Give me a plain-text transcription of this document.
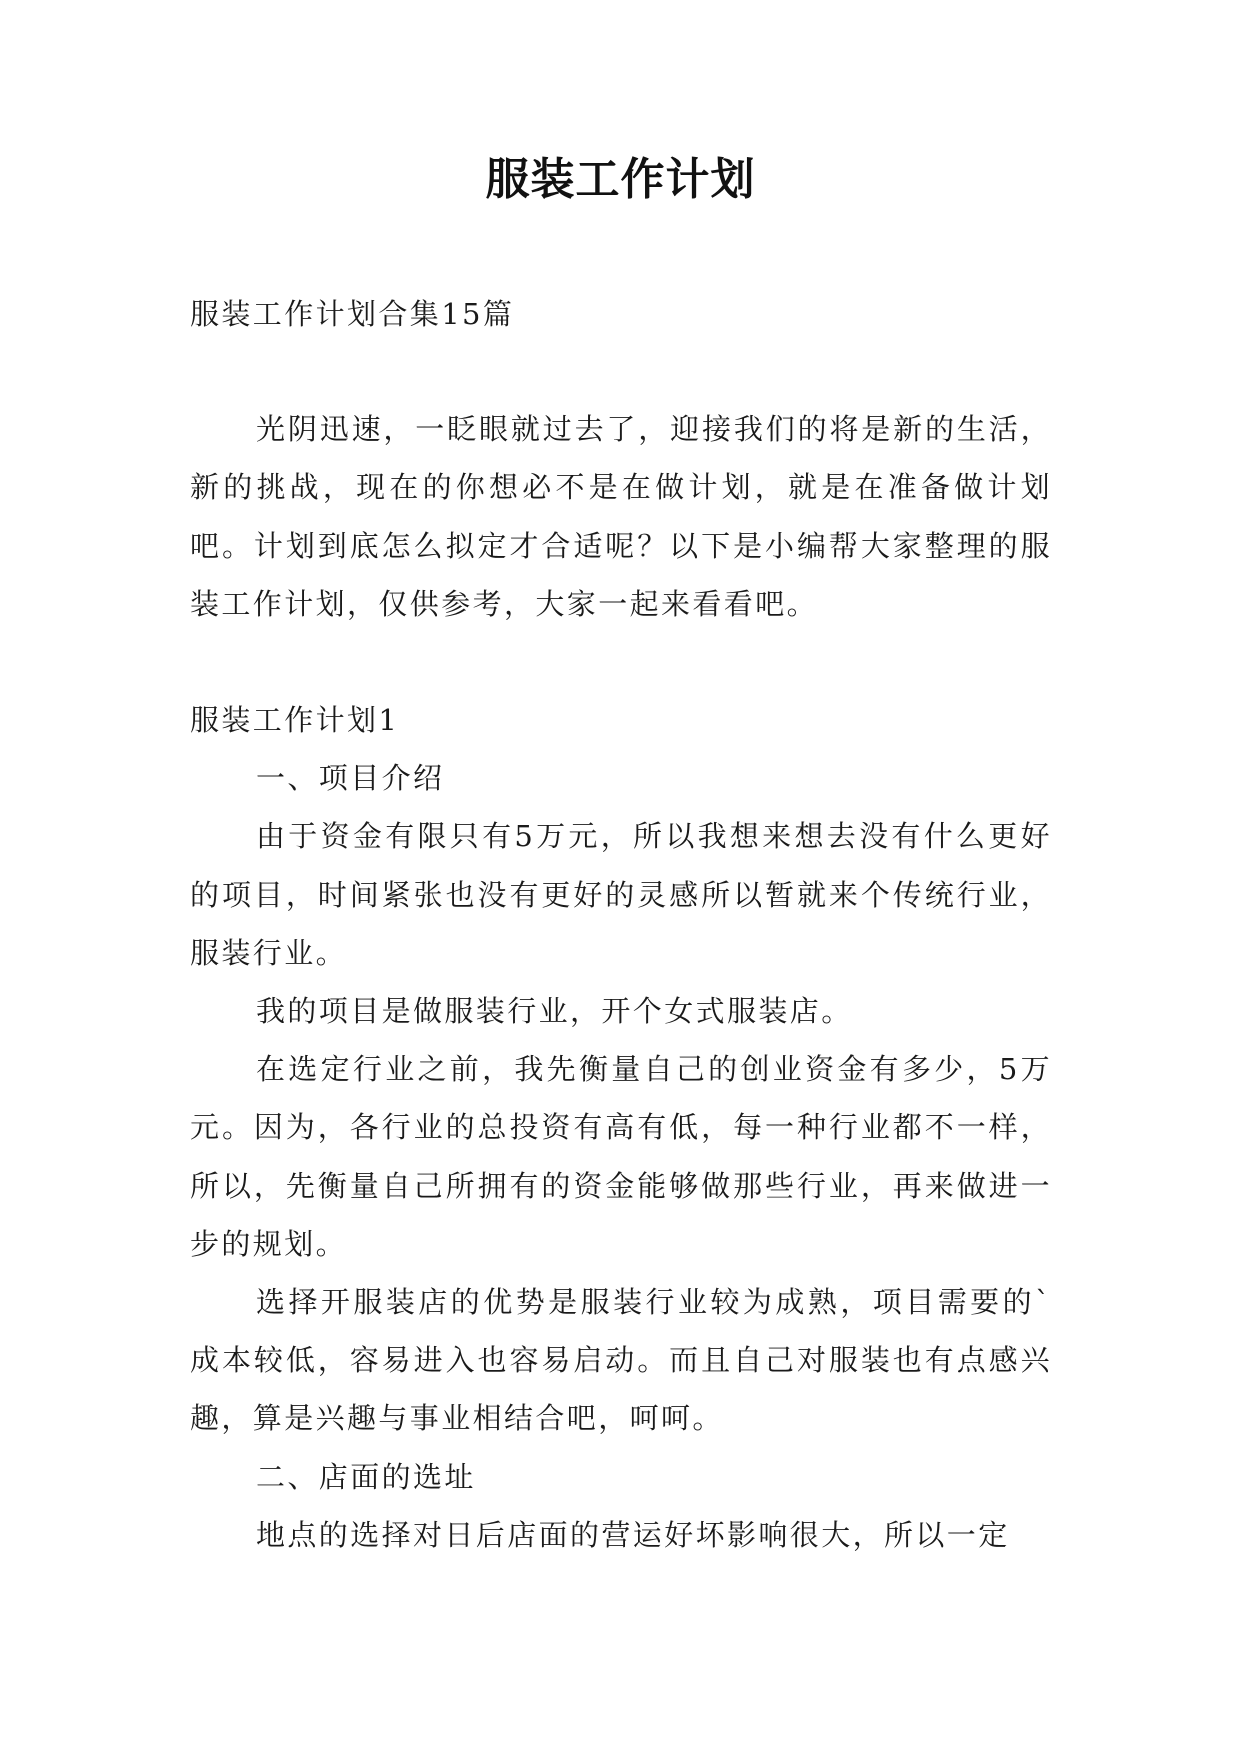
服装工作计划

服装工作计划合集15篇

光阴迅速，一眨眼就过去了，迎接我们的将是新的生活，新的挑战，现在的你想必不是在做计划，就是在准备做计划吧。计划到底怎么拟定才合适呢？以下是小编帮大家整理的服装工作计划，仅供参考，大家一起来看看吧。

服装工作计划1

一、项目介绍

由于资金有限只有5万元，所以我想来想去没有什么更好的项目，时间紧张也没有更好的灵感所以暂就来个传统行业，服装行业。

我的项目是做服装行业，开个女式服装店。

在选定行业之前，我先衡量自己的创业资金有多少，5万元。因为，各行业的总投资有高有低，每一种行业都不一样，所以，先衡量自己所拥有的资金能够做那些行业，再来做进一步的规划。

选择开服装店的优势是服装行业较为成熟，项目需要的`成本较低，容易进入也容易启动。而且自己对服装也有点感兴趣，算是兴趣与事业相结合吧，呵呵。

二、店面的选址

地点的选择对日后店面的营运好坏影响很大，所以一定
